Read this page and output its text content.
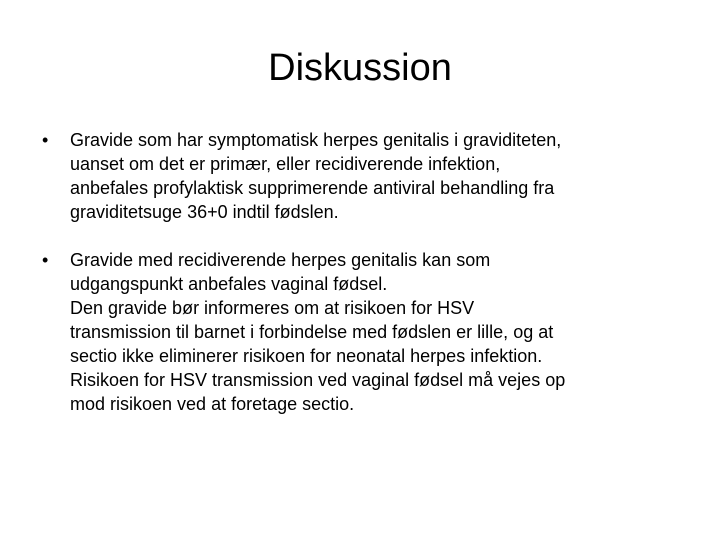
Diskussion
• Gravide som har symptomatisk herpes genitalis i graviditeten,
uanset om det er primær, eller recidiverende infektion,
anbefales profylaktisk supprimerende antiviral behandling fra
graviditetsuge 36+0 indtil fødslen.
• Gravide med recidiverende herpes genitalis kan som
udgangspunkt anbefales vaginal fødsel.
Den gravide bør informeres om at risikoen for HSV
transmission til barnet i forbindelse med fødslen er lille, og at
sectio ikke eliminerer risikoen for neonatal herpes infektion.
Risikoen for HSV transmission ved vaginal fødsel må vejes op
mod risikoen ved at foretage sectio.
